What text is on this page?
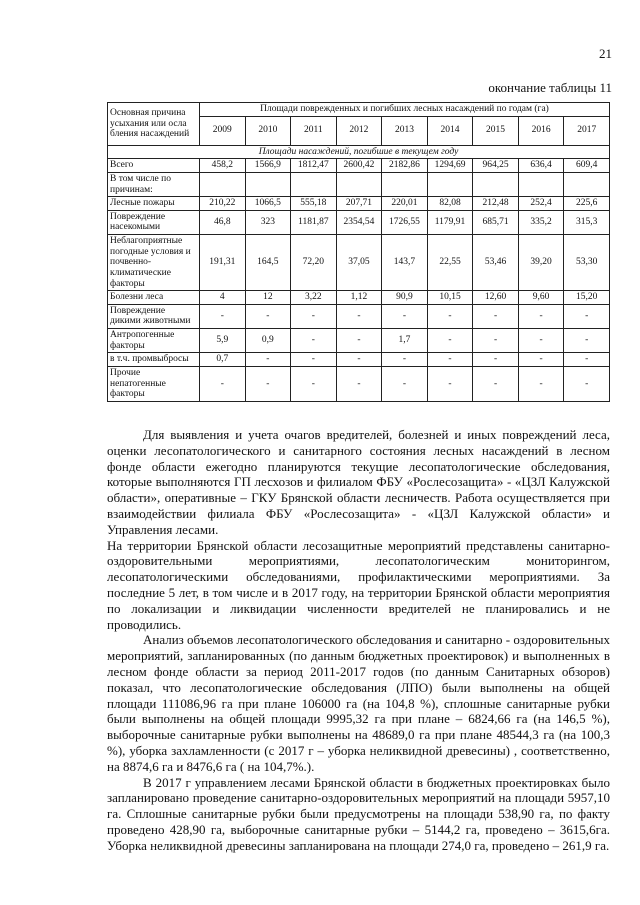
21
окончание таблицы 11
Основная причина усыхания или осла бления насаждений	Площади поврежденных и погибших лесных насаждений по годам (га)								
	2009	2010	2011	2012	2013	2014	2015	2016	2017
Площади насаждений, погибшие в текущем году									
Всего	458,2	1566,9	1812,47	2600,42	2182,86	1294,69	964,25	636,4	609,4
В том числе по причинам:									
Лесные пожары	210,22	1066,5	555,18	207,71	220,01	82,08	212,48	252,4	225,6
Повреждение насекомыми	46,8	323	1181,87	2354,54	1726,55	1179,91	685,71	335,2	315,3
Неблагоприятные погодные условия и почвенно-климатические факторы	191,31	164,5	72,20	37,05	143,7	22,55	53,46	39,20	53,30
Болезни леса	4	12	3,22	1,12	90,9	10,15	12,60	9,60	15,20
Повреждение дикими животными	-	-	-	-	-	-	-	-	-
Антропогенные факторы	5,9	0,9	-	-	1,7	-	-	-	-
в т.ч. промвыбросы	0,7	-	-	-	-	-	-	-	-
Прочие непатогенные факторы	-	-	-	-	-	-	-	-	-

Для выявления и учета очагов вредителей, болезней и иных повреждений леса, оценки лесопатологического и санитарного состояния лесных насаждений в лесном фонде области ежегодно планируются текущие лесопатологические обследования, которые выполняются ГП лесхозов и филиалом ФБУ «Рослесозащита» - «ЦЗЛ Калужской области», оперативные – ГКУ Брянской области лесничеств. Работа осуществляется при взаимодействии филиала ФБУ «Рослесозащита» - «ЦЗЛ Калужской области» и Управления лесами.

На территории Брянской области лесозащитные мероприятий представлены санитарно-оздоровительными мероприятиями, лесопатологическим мониторингом, лесопатологическими обследованиями, профилактическими мероприятиями. За последние 5 лет, в том числе и в 2017 году, на территории Брянской области мероприятия по локализации и ликвидации численности вредителей не планировались и не проводились.

Анализ объемов лесопатологического обследования и санитарно - оздоровительных мероприятий, запланированных (по данным бюджетных проектировок) и выполненных в лесном фонде области за период 2011-2017 годов (по данным Санитарных обзоров) показал, что лесопатологические обследования (ЛПО) были выполнены на общей площади 111086,96 га при плане 106000 га (на 104,8 %), сплошные санитарные рубки были выполнены на общей площади 9995,32 га при плане – 6824,66 га (на 146,5 %), выборочные санитарные рубки выполнены на 48689,0 га при плане 48544,3 га (на 100,3 %), уборка захламленности (с 2017 г – уборка неликвидной древесины) , соответственно, на 8874,6 га и 8476,6 га ( на 104,7%.).

В 2017 г управлением лесами Брянской области в бюджетных проектировках было запланировано проведение санитарно-оздоровительных мероприятий на площади 5957,10 га. Сплошные санитарные рубки были предусмотрены на площади 538,90 га, по факту проведено 428,90 га, выборочные санитарные рубки – 5144,2 га, проведено – 3615,6га. Уборка неликвидной древесины запланирована на площади 274,0 га, проведено – 261,9 га.
